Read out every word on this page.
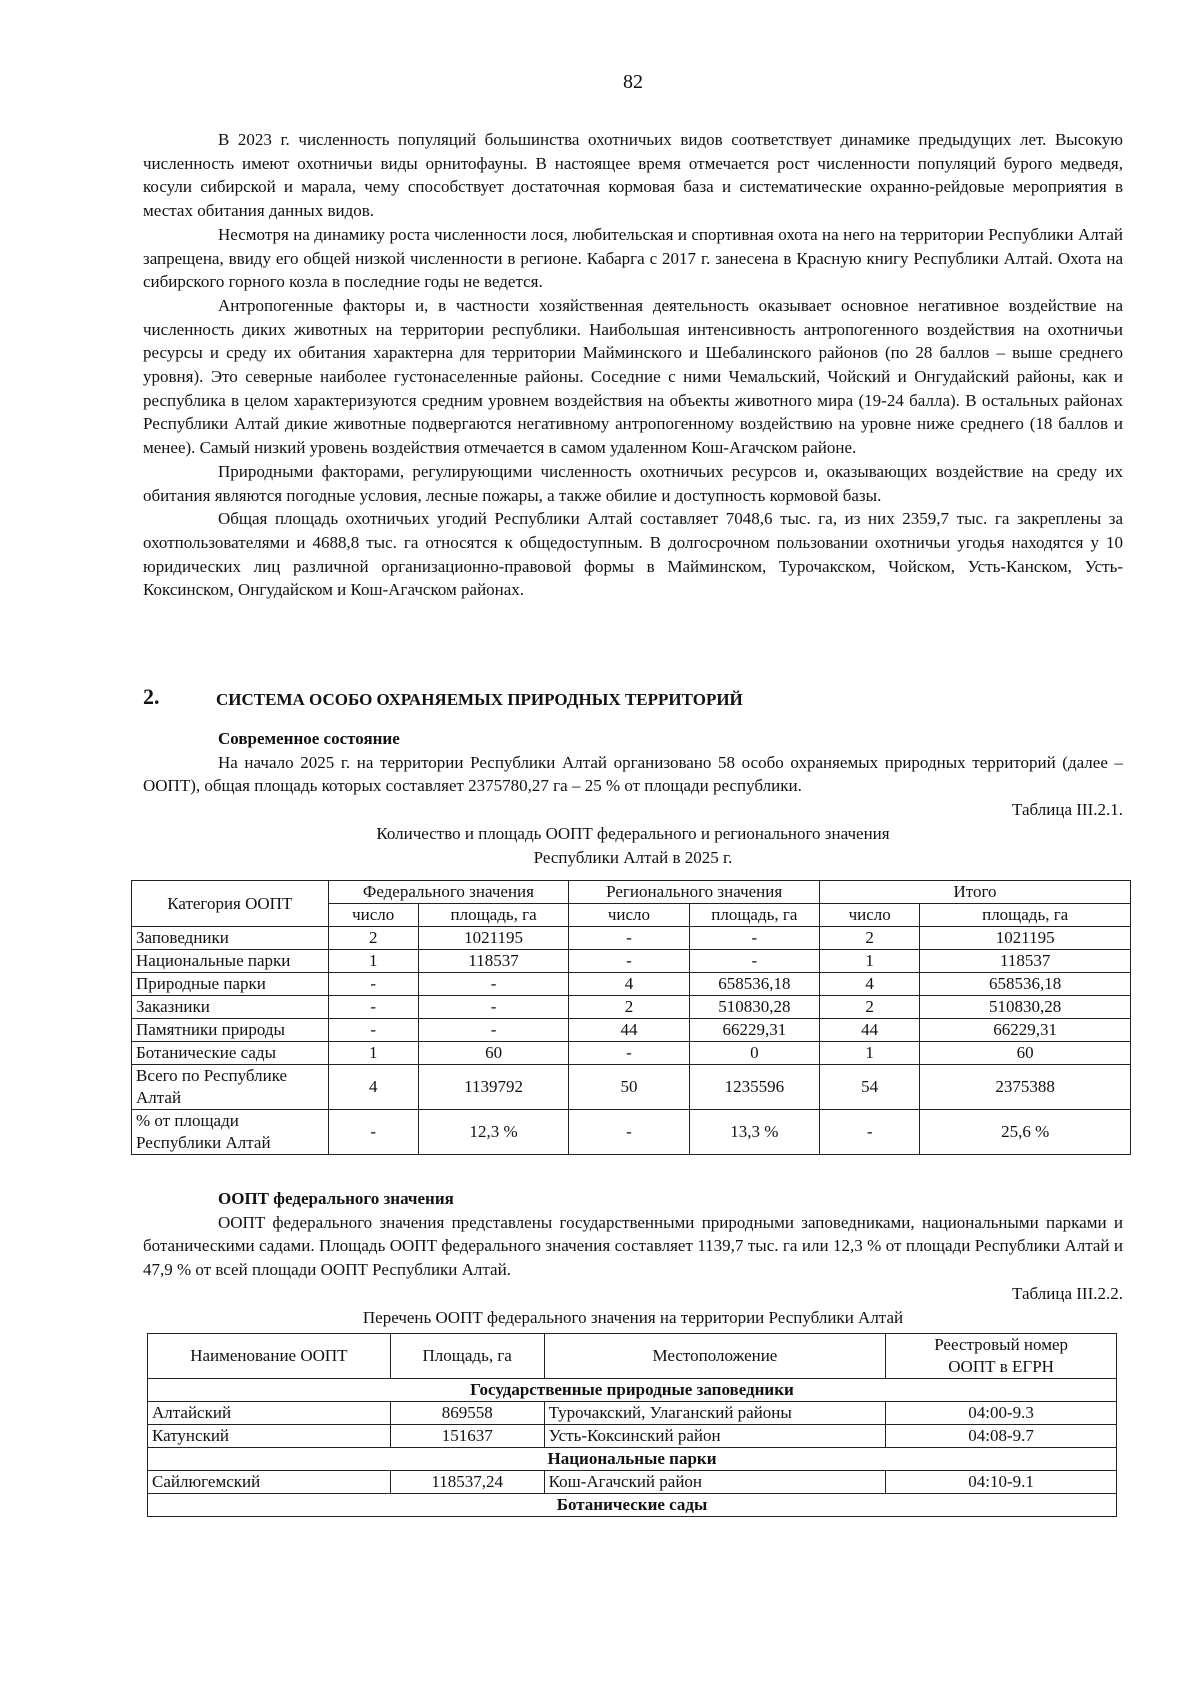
82

В 2023 г. численность популяций большинства охотничьих видов соответствует динамике предыдущих лет. Высокую численность имеют охотничьи виды орнитофауны. В настоящее время отмечается рост численности популяций бурого медведя, косули сибирской и марала, чему способствует достаточная кормовая база и систематические охранно-рейдовые мероприятия в местах обитания данных видов.

Несмотря на динамику роста численности лося, любительская и спортивная охота на него на территории Республики Алтай запрещена, ввиду его общей низкой численности в регионе. Кабарга с 2017 г. занесена в Красную книгу Республики Алтай. Охота на сибирского горного козла в последние годы не ведется.

Антропогенные факторы и, в частности хозяйственная деятельность оказывает основное негативное воздействие на численность диких животных на территории республики. Наибольшая интенсивность антропогенного воздействия на охотничьи ресурсы и среду их обитания характерна для территории Майминского и Шебалинского районов (по 28 баллов – выше среднего уровня). Это северные наиболее густонаселенные районы. Соседние с ними Чемальский, Чойский и Онгудайский районы, как и республика в целом характеризуются средним уровнем воздействия на объекты животного мира (19-24 балла). В остальных районах Республики Алтай дикие животные подвергаются негативному антропогенному воздействию на уровне ниже среднего (18 баллов и менее). Самый низкий уровень воздействия отмечается в самом удаленном Кош-Агачском районе.

Природными факторами, регулирующими численность охотничьих ресурсов и, оказывающих воздействие на среду их обитания являются погодные условия, лесные пожары, а также обилие и доступность кормовой базы.

Общая площадь охотничьих угодий Республики Алтай составляет 7048,6 тыс. га, из них 2359,7 тыс. га закреплены за охотпользователями и 4688,8 тыс. га относятся к общедоступным. В долгосрочном пользовании охотничьи угодья находятся у 10 юридических лиц различной организационно-правовой формы в Майминском, Турочакском, Чойском, Усть-Канском, Усть-Коксинском, Онгудайском и Кош-Агачском районах.

2.	СИСТЕМА ОСОБО ОХРАНЯЕМЫХ ПРИРОДНЫХ ТЕРРИТОРИЙ
Современное состояние

На начало 2025 г. на территории Республики Алтай организовано 58 особо охраняемых природных территорий (далее – ООПТ), общая площадь которых составляет 2375780,27 га – 25 % от площади республики.

Таблица III.2.1.
Количество и площадь ООПТ федерального и регионального значения
Республики Алтай в 2025 г.
Категория ООПТ	Федерального значения		Регионального значения		Итого	
	число	площадь, га	число	площадь, га	число	площадь, га
Заповедники	2	1021195	-	-	2	1021195
Национальные парки	1	118537	-	-	1	118537
Природные парки	-	-	4	658536,18	4	658536,18
Заказники	-	-	2	510830,28	2	510830,28
Памятники природы	-	-	44	66229,31	44	66229,31
Ботанические сады	1	60	-	0	1	60
Всего по Республике Алтай	4	1139792	50	1235596	54	2375388
% от площади Республики Алтай	-	12,3 %	-	13,3 %	-	25,6 %
ООПТ федерального значения

ООПТ федерального значения представлены государственными природными заповедниками, национальными парками и ботаническими садами. Площадь ООПТ федерального значения составляет 1139,7 тыс. га или 12,3 % от площади Республики Алтай и 47,9 % от всей площади ООПТ Республики Алтай.

Таблица III.2.2.
Перечень ООПТ федерального значения на территории Республики Алтай
Наименование ООПТ	Площадь, га	Местоположение	Реестровый номер
ООПТ в ЕГРН
Государственные природные заповедники			
Алтайский	869558	Турочакский, Улаганский районы	04:00-9.3
Катунский	151637	Усть-Коксинский район	04:08-9.7
Национальные парки			
Сайлюгемский	118537,24	Кош-Агачский район	04:10-9.1
Ботанические сады			
